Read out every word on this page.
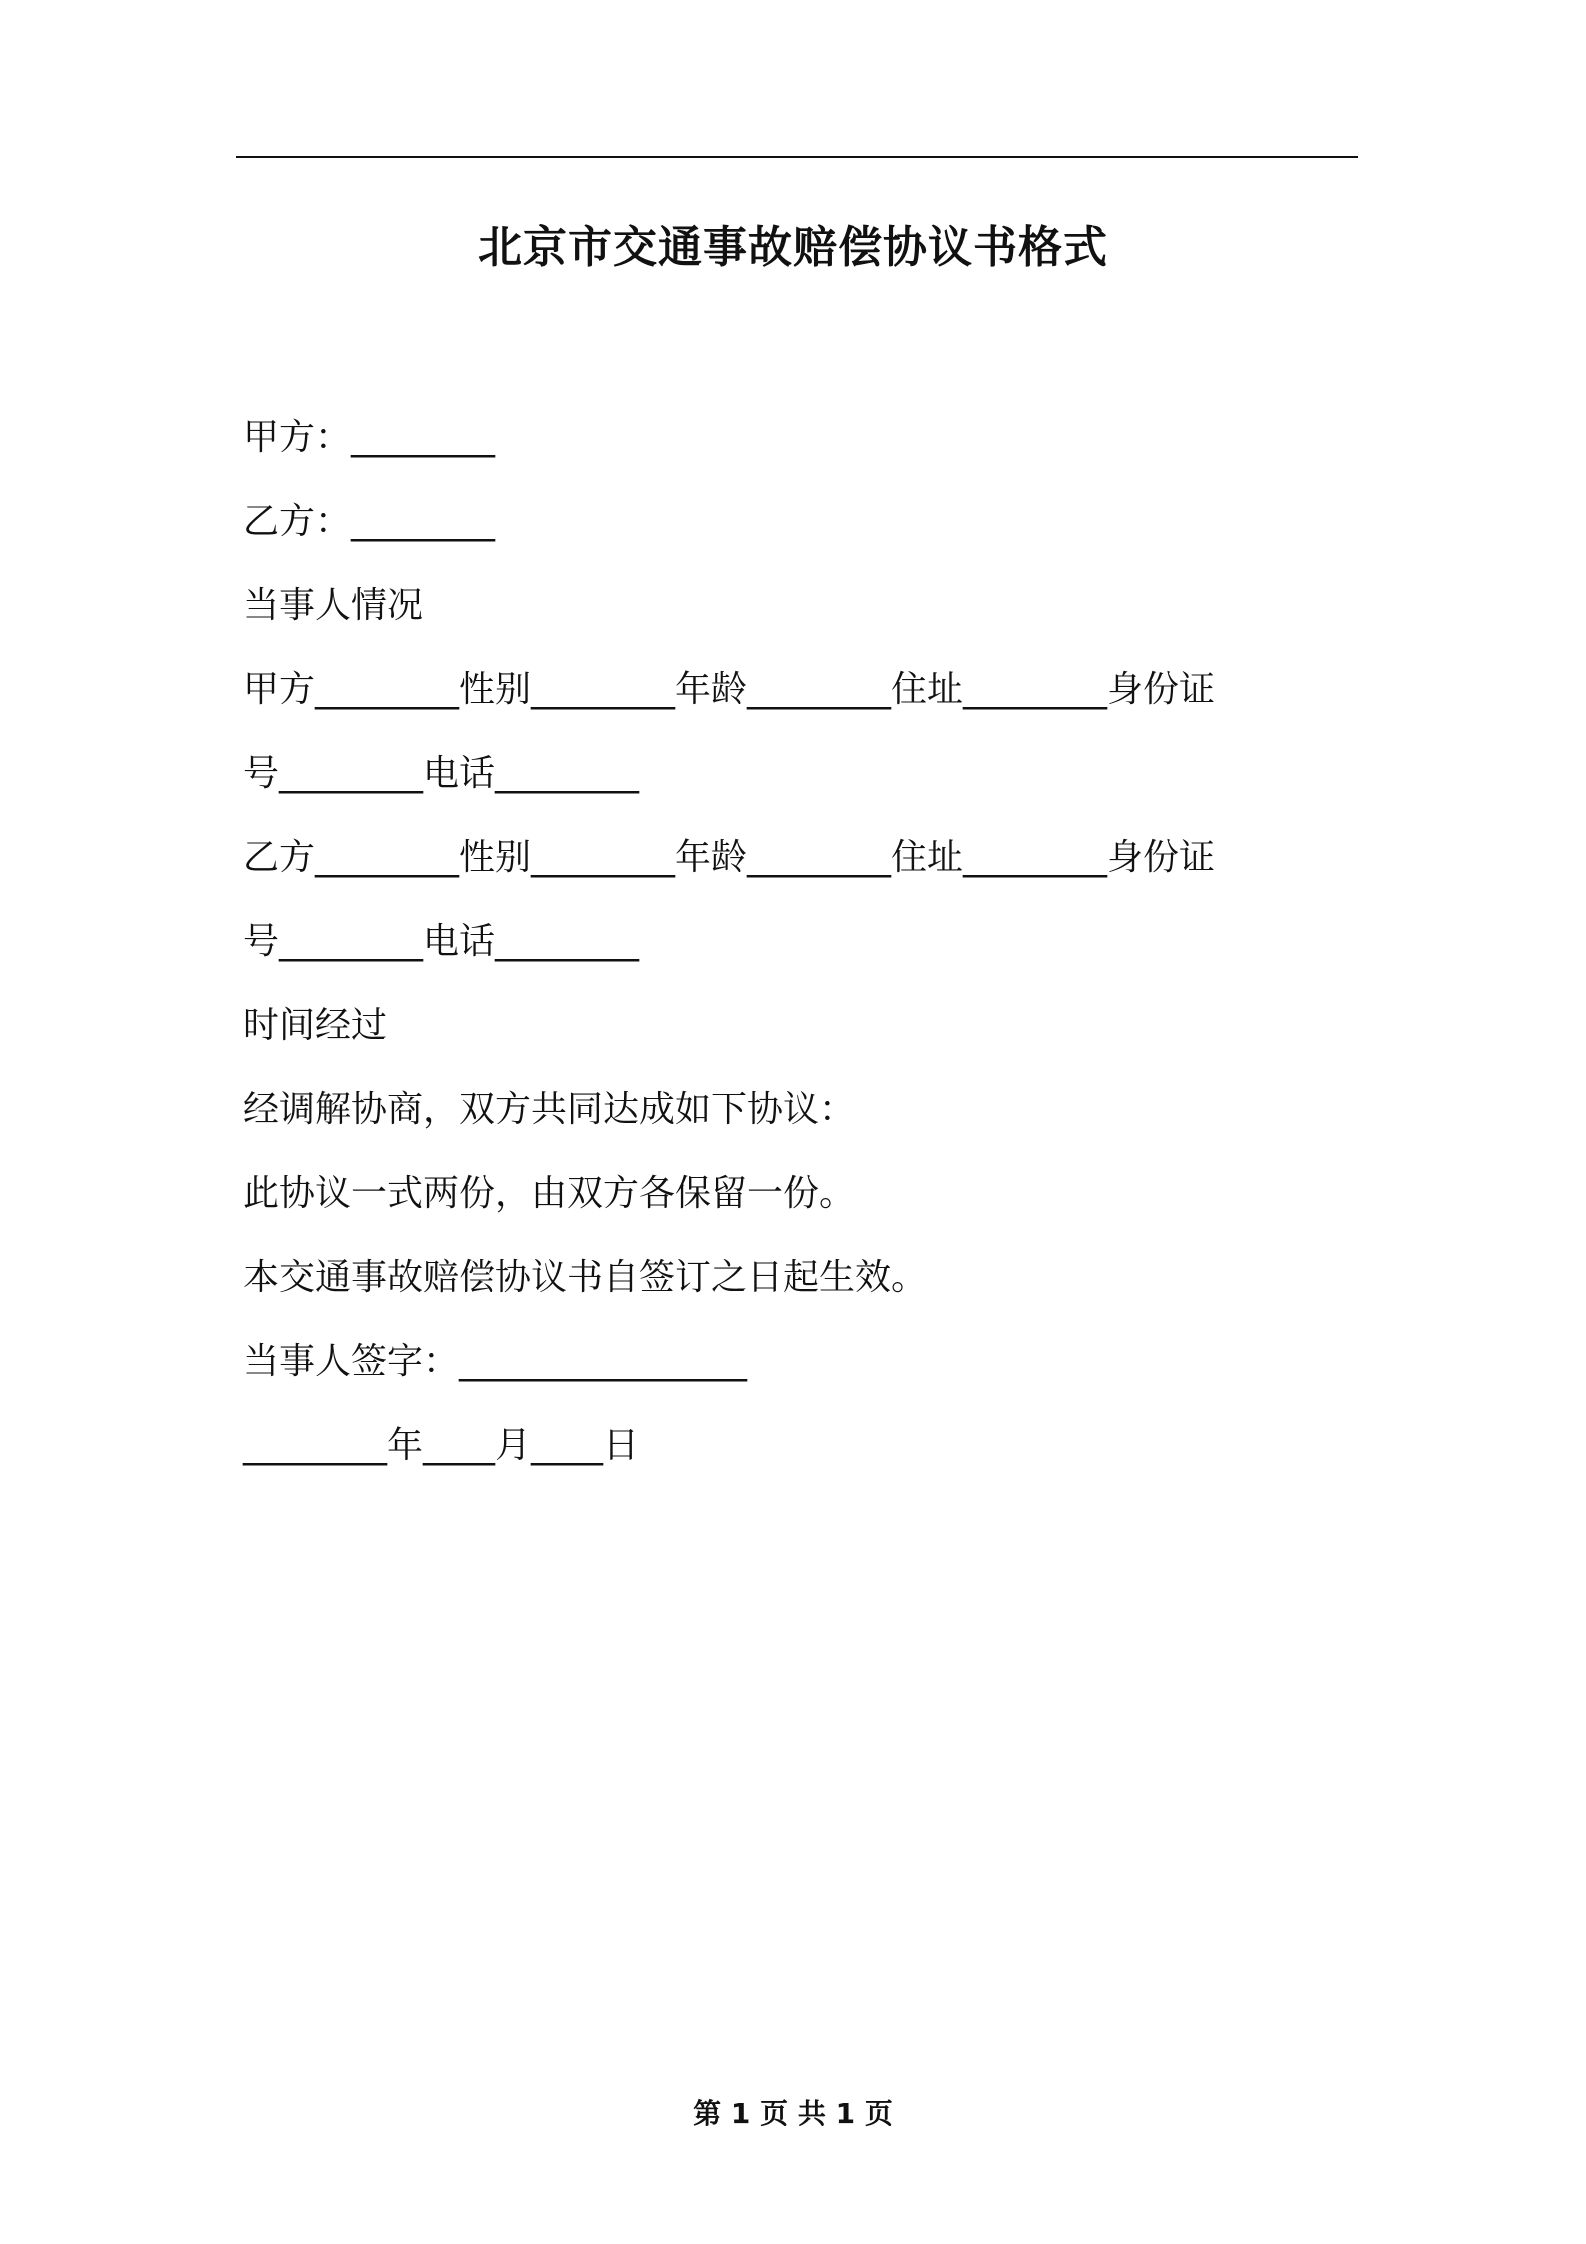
北京市交通事故赔偿协议书格式
甲方：________
乙方：________
当事人情况
甲方________性别________年龄________住址________身份证
号________电话________
乙方________性别________年龄________住址________身份证
号________电话________
时间经过
经调解协商，双方共同达成如下协议：
此协议一式两份，由双方各保留一份。
本交通事故赔偿协议书自签订之日起生效。
当事人签字：________________
________年____月____日
第 1 页 共 1 页
